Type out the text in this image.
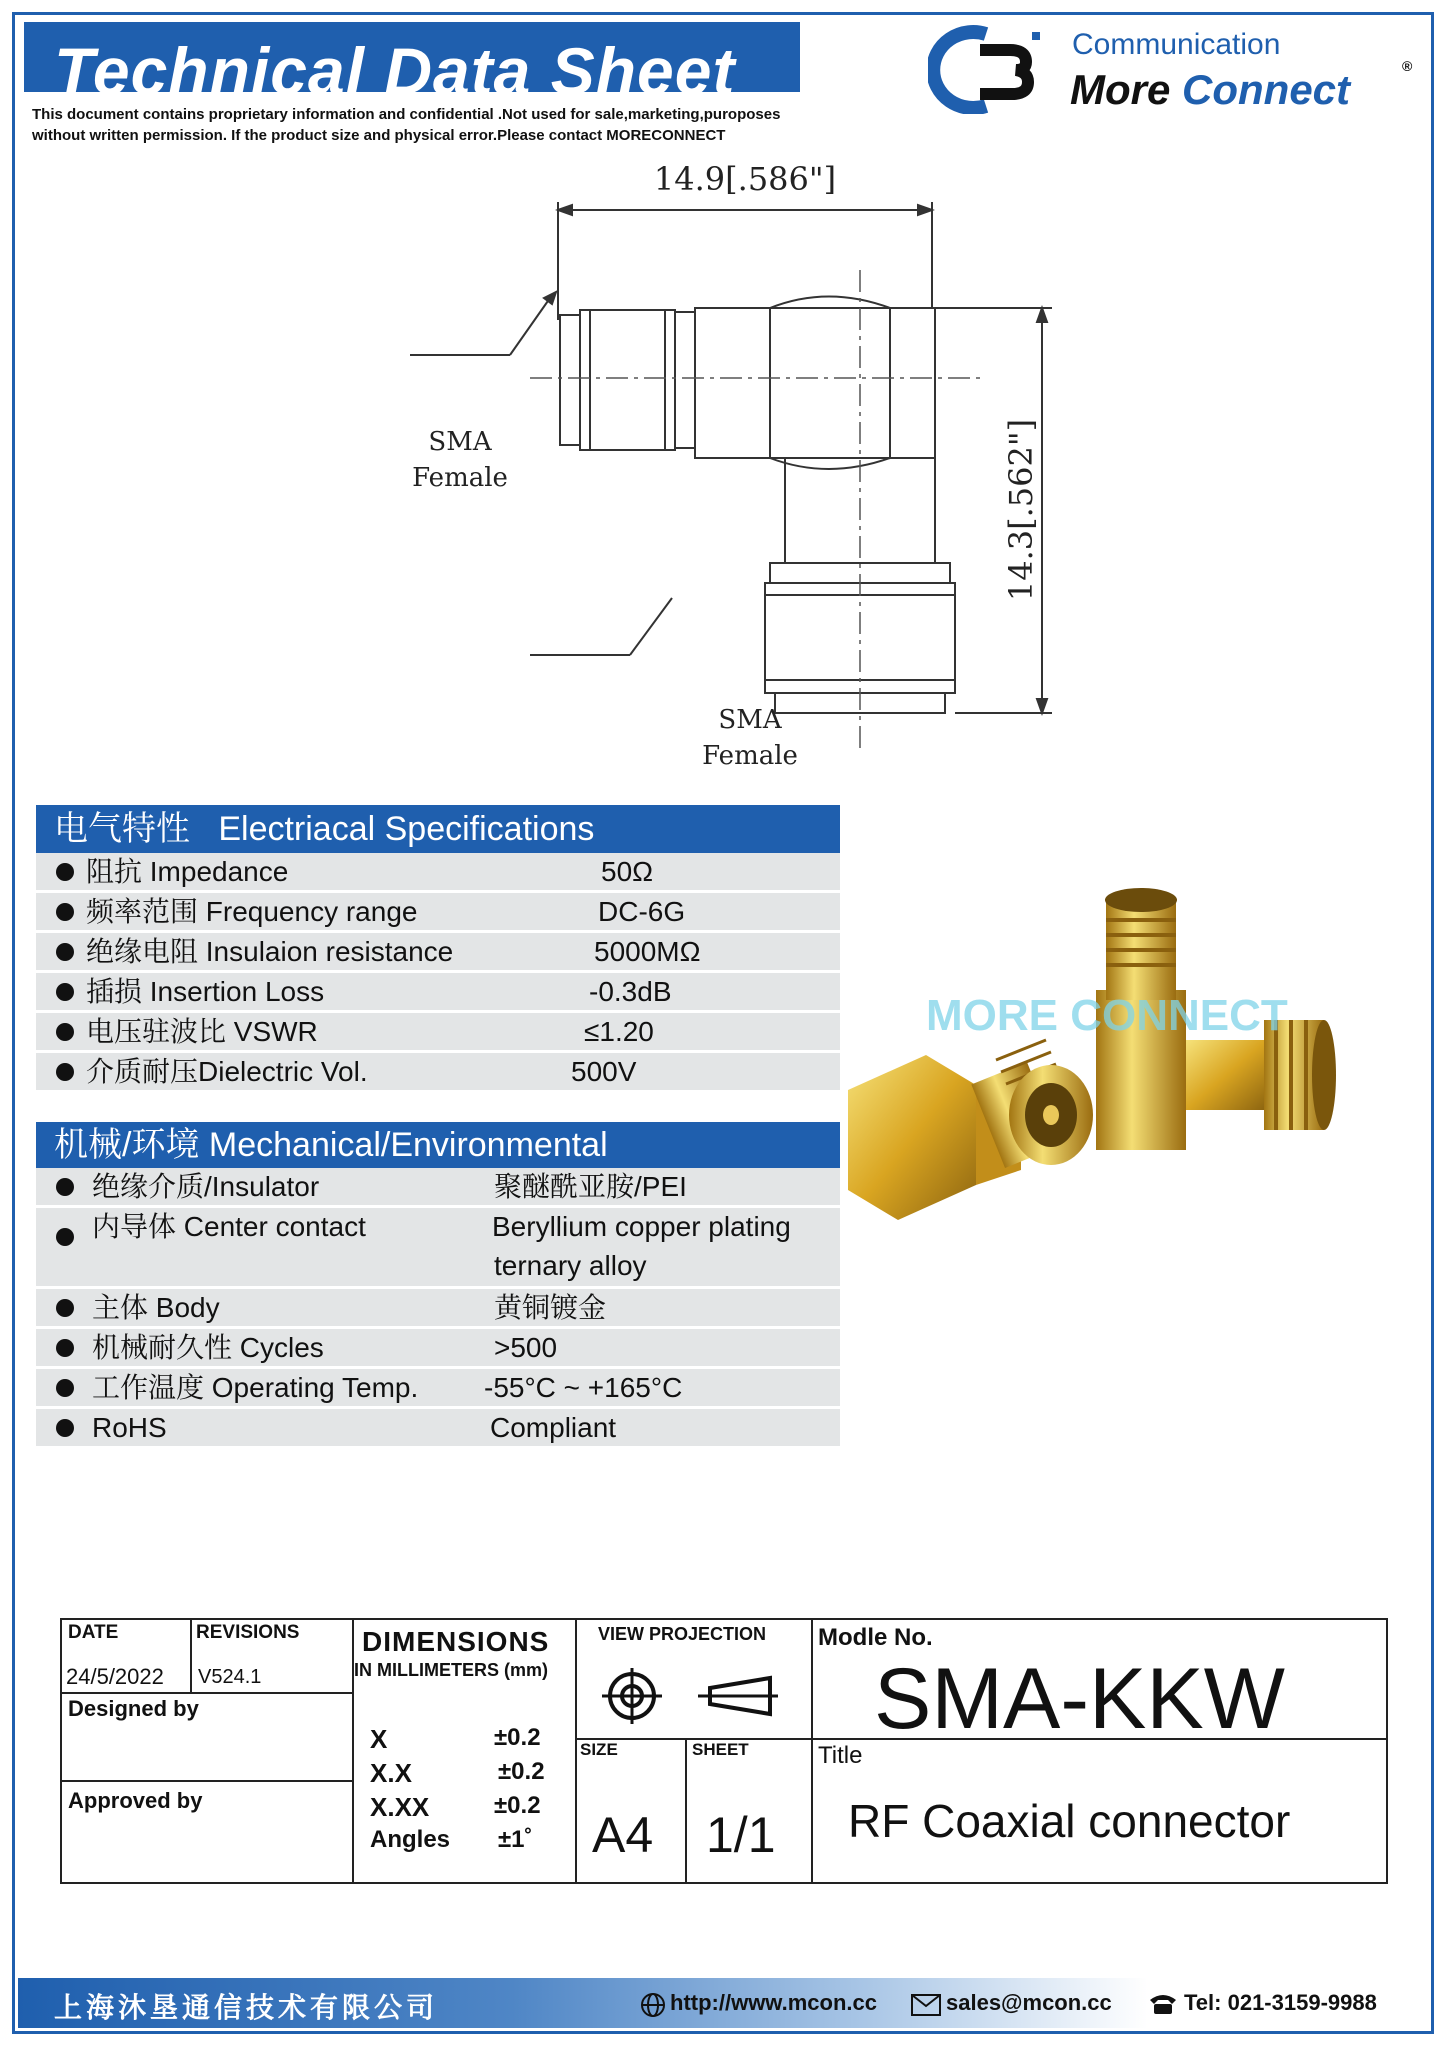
Technical Data Sheet
This document contains proprietary information and confidential .Not used for sale,marketing,puroposes
without written permission. If the product size and physical error.Please contact MORECONNECT
Communication
More Connect	®
14.9[.586"]
14.3[.562"]
SMA
Female
SMA
Female
电气特性 Electriacal Specifications
阻抗 Impedance	50Ω
频率范围 Frequency range	DC-6G
绝缘电阻 Insulaion resistance	5000MΩ
插损 Insertion Loss	-0.3dB
电压驻波比 VSWR	≤1.20
介质耐压Dielectric Vol.	500V
机械/环境 Mechanical/Environmental
绝缘介质/Insulator	聚醚酰亚胺/PEI
内导体 Center contact	Beryllium copper plating
ternary alloy
主体 Body	黄铜镀金
机械耐久性 Cycles	>500
工作温度 Operating Temp. -55°C ~ +165°C
RoHS	Compliant
MORE CONNECT
DATE	REVISIONS
24/5/2022 V524.1
Designed by
Approved by
DIMENSIONS
IN MILLIMETERS (mm)
X	±0.2
X.X	±0.2
X.XX	±0.2
Angles ±1˚
VIEW PROJECTION
SIZE
A4
SHEET
1/1
Modle No.
SMA-KKW
Title
RF Coaxial connector
上海沐垦通信技术有限公司	http://www.mcon.cc	sales@mcon.cc	Tel: 021-3159-9988
